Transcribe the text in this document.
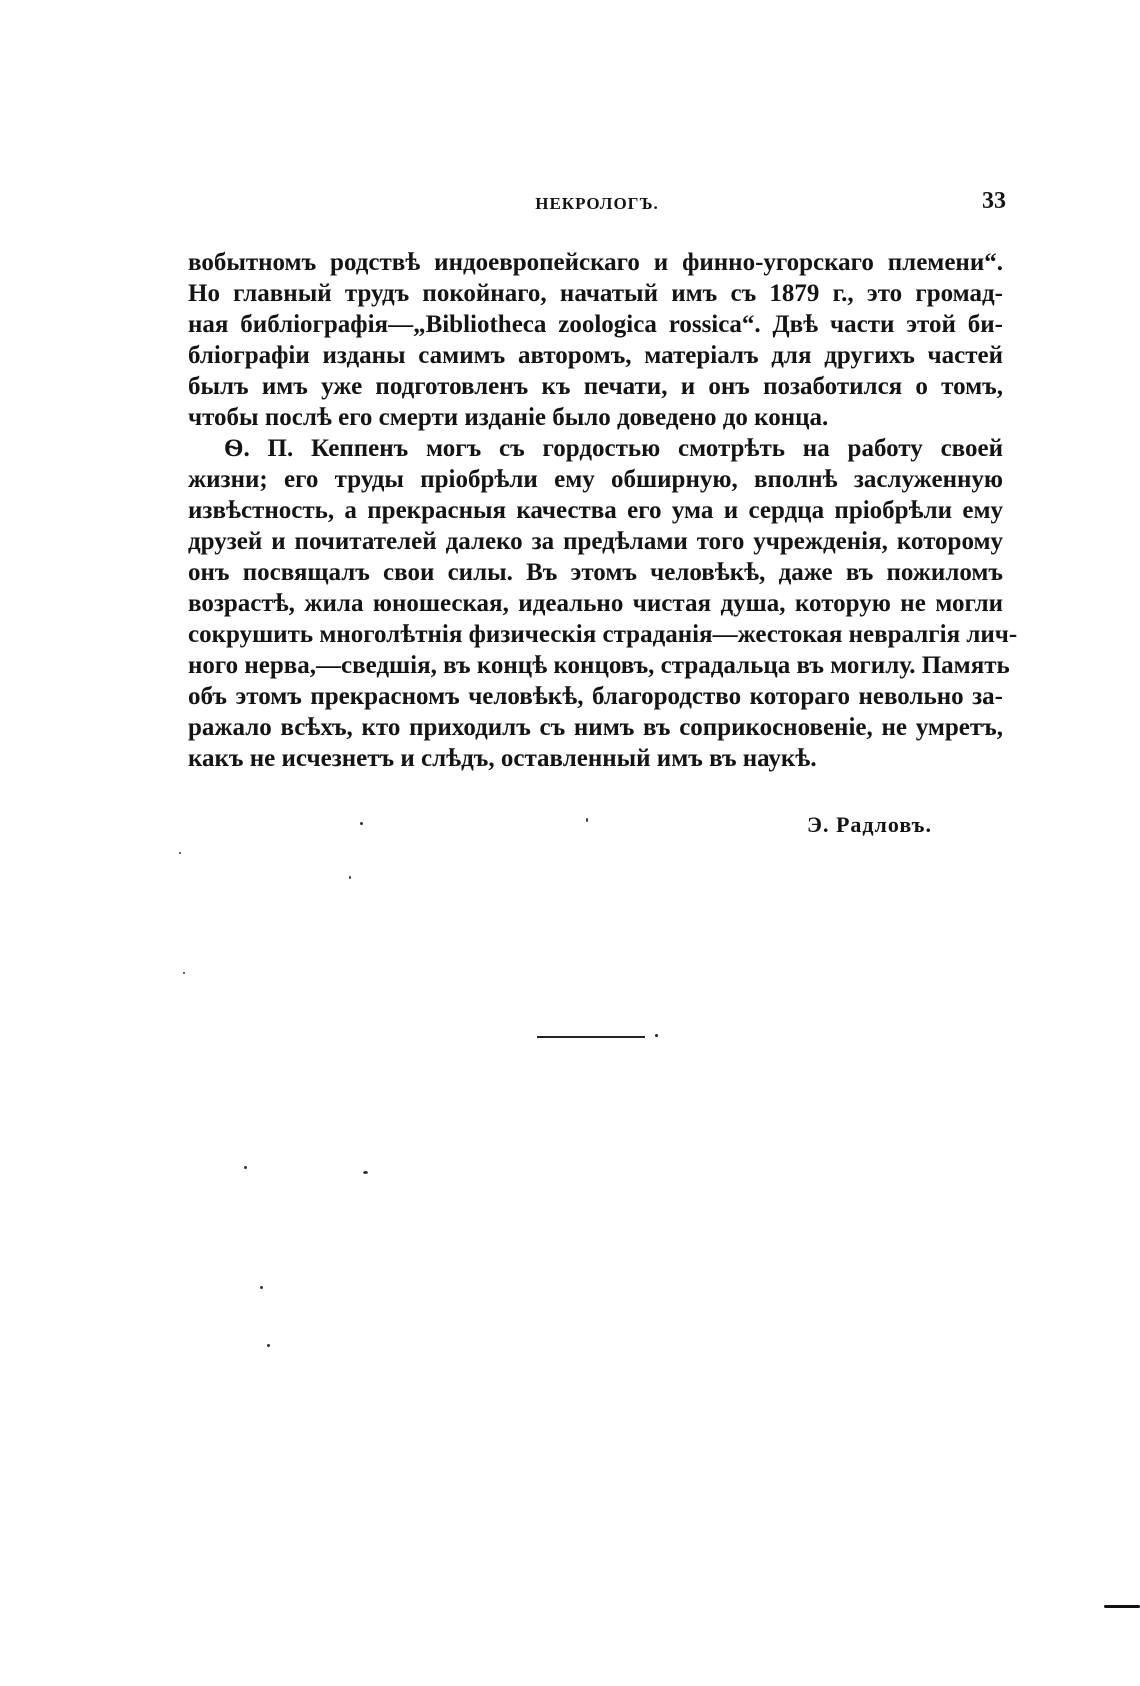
НЕКРОЛОГЪ.	33
вобытномъ родствѣ индоевропейскаго и финно-угорскаго племени“.
Но главный трудъ покойнаго, начатый имъ съ 1879 г., это громад-
ная библіографія—„Bibliotheca zoologica rossica“. Двѣ части этой би-
бліографіи изданы самимъ авторомъ, матеріалъ для другихъ частей
былъ имъ уже подготовленъ къ печати, и онъ позаботился о томъ,
чтобы послѣ его смерти изданіе было доведено до конца.
Ѳ. П. Кеппенъ могъ съ гордостью смотрѣть на работу своей
жизни; его труды пріобрѣли ему обширную, вполнѣ заслуженную
извѣстность, а прекрасныя качества его ума и сердца пріобрѣли ему
друзей и почитателей далеко за предѣлами того учрежденія, которому
онъ посвящалъ свои силы. Въ этомъ человѣкѣ, даже въ пожиломъ
возрастѣ, жила юношеская, идеально чистая душа, которую не могли
сокрушить многолѣтнія физическія страданія—жестокая невралгія лич-
ного нерва,—сведшія, въ концѣ концовъ, страдальца въ могилу. Память
объ этомъ прекрасномъ человѣкѣ, благородство котораго невольно за-
ражало всѣхъ, кто приходилъ съ нимъ въ соприкосновеніе, не умретъ,
какъ не исчезнетъ и слѣдъ, оставленный имъ въ наукѣ.
Э. Радловъ.
